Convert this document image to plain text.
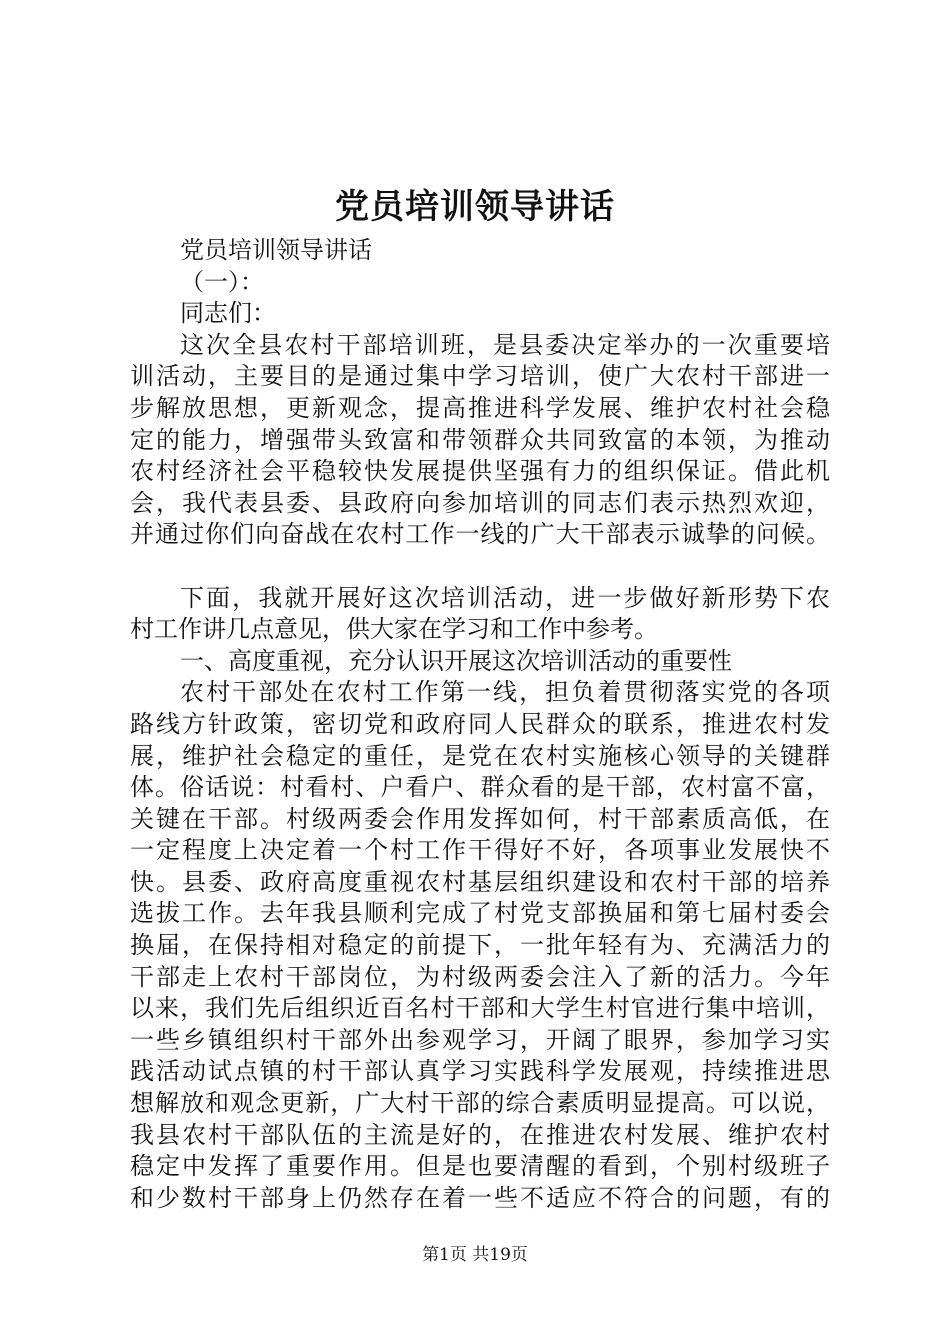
党员培训领导讲话
党员培训领导讲话
（一）：
同志们：
这次全县农村干部培训班，是县委决定举办的一次重要培
训活动，主要目的是通过集中学习培训，使广大农村干部进一
步解放思想，更新观念，提高推进科学发展、维护农村社会稳
定的能力，增强带头致富和带领群众共同致富的本领，为推动
农村经济社会平稳较快发展提供坚强有力的组织保证。借此机
会，我代表县委、县政府向参加培训的同志们表示热烈欢迎，
并通过你们向奋战在农村工作一线的广大干部表示诚挚的问候。
下面，我就开展好这次培训活动，进一步做好新形势下农
村工作讲几点意见，供大家在学习和工作中参考。
一、高度重视，充分认识开展这次培训活动的重要性
农村干部处在农村工作第一线，担负着贯彻落实党的各项
路线方针政策，密切党和政府同人民群众的联系，推进农村发
展，维护社会稳定的重任，是党在农村实施核心领导的关键群
体。俗话说：村看村、户看户、群众看的是干部，农村富不富，
关键在干部。村级两委会作用发挥如何，村干部素质高低，在
一定程度上决定着一个村工作干得好不好，各项事业发展快不
快。县委、政府高度重视农村基层组织建设和农村干部的培养
选拔工作。去年我县顺利完成了村党支部换届和第七届村委会
换届，在保持相对稳定的前提下，一批年轻有为、充满活力的
干部走上农村干部岗位，为村级两委会注入了新的活力。今年
以来，我们先后组织近百名村干部和大学生村官进行集中培训，
一些乡镇组织村干部外出参观学习，开阔了眼界，参加学习实
践活动试点镇的村干部认真学习实践科学发展观，持续推进思
想解放和观念更新，广大村干部的综合素质明显提高。可以说，
我县农村干部队伍的主流是好的，在推进农村发展、维护农村
稳定中发挥了重要作用。但是也要清醒的看到，个别村级班子
和少数村干部身上仍然存在着一些不适应不符合的问题，有的
第1页 共19页
